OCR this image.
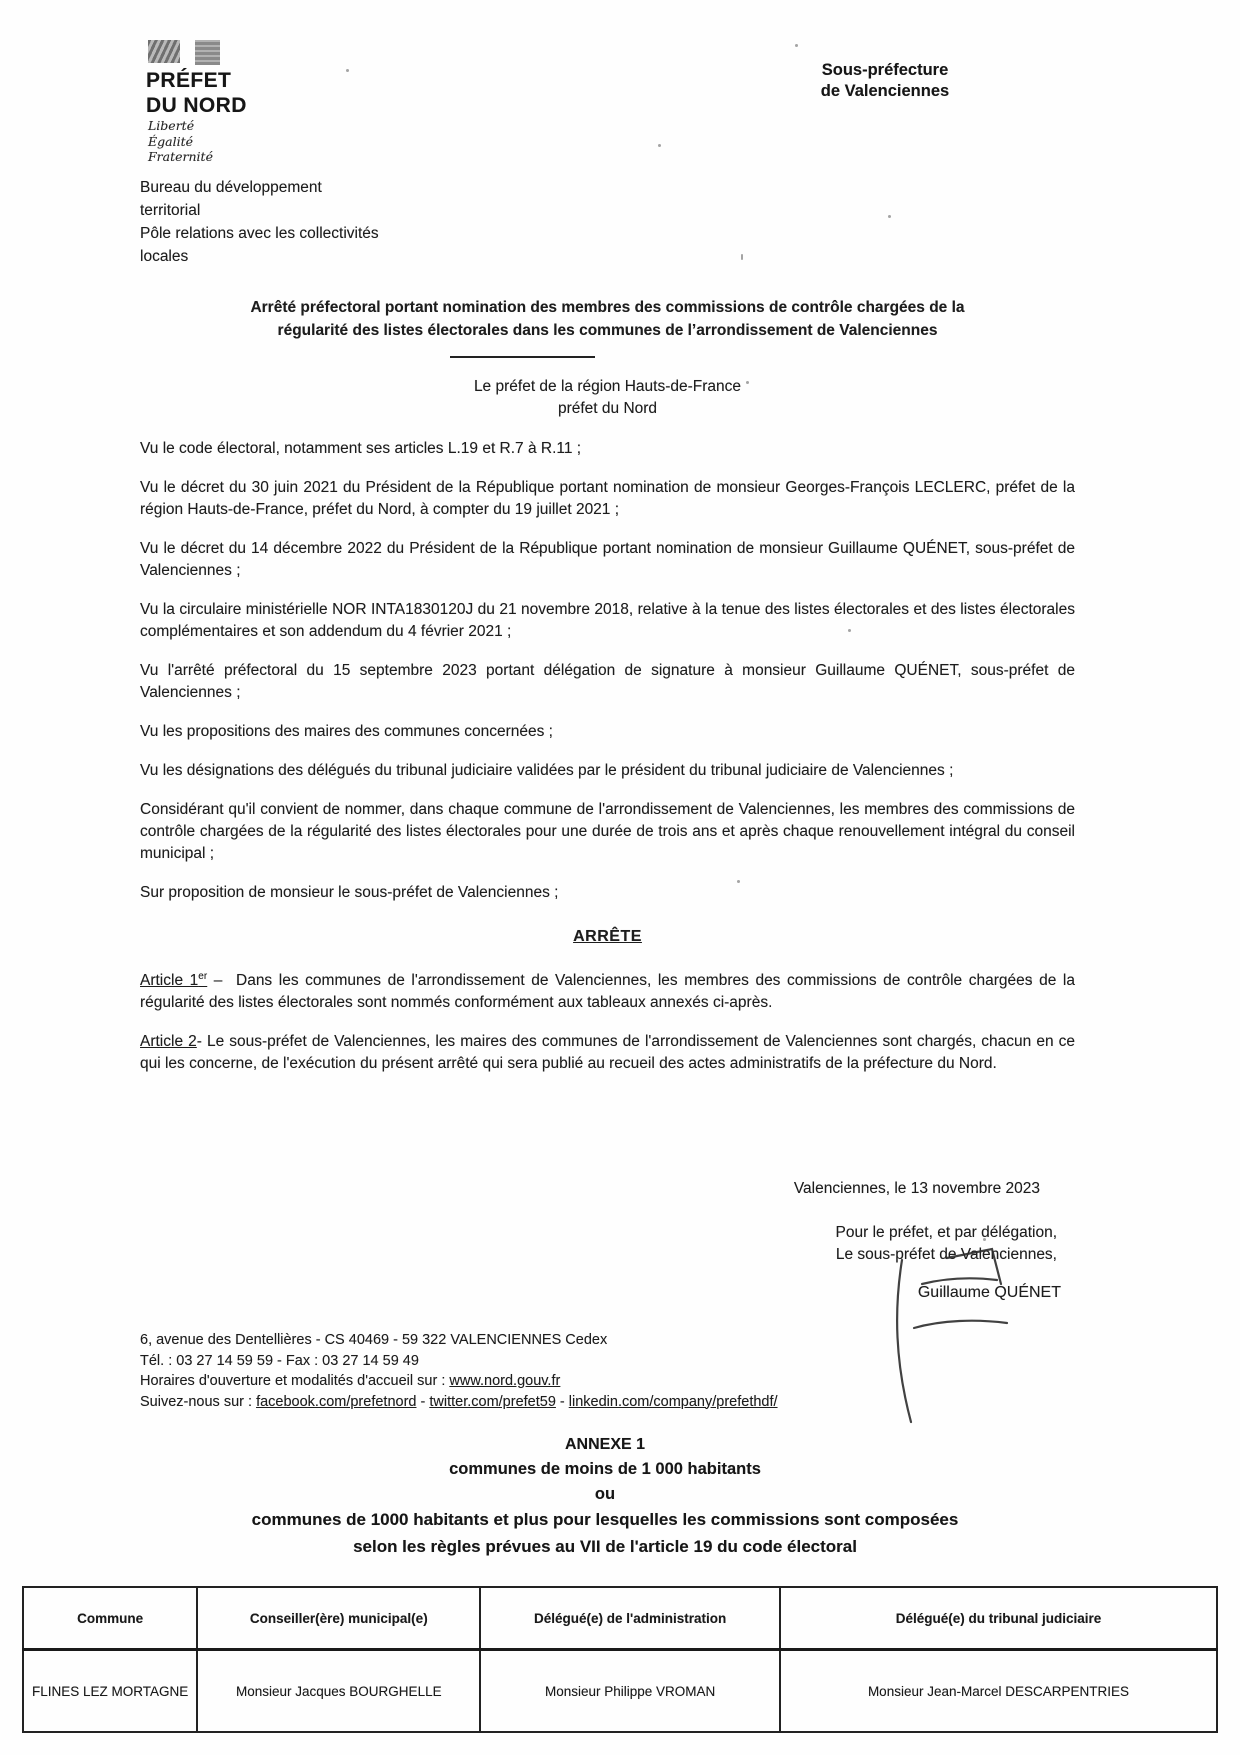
PRÉFET
DU NORD
Liberté
Égalité
Fraternité
Sous-préfecture
de Valenciennes
Bureau du développement
territorial
Pôle relations avec les collectivités
locales
Arrêté préfectoral portant nomination des membres des commissions de contrôle chargées de la
régularité des listes électorales dans les communes de l’arrondissement de Valenciennes
Le préfet de la région Hauts-de-France
préfet du Nord

Vu le code électoral, notamment ses articles L.19 et R.7 à R.11 ;

Vu le décret du 30 juin 2021 du Président de la République portant nomination de monsieur Georges-François LECLERC, préfet de la région Hauts-de-France, préfet du Nord, à compter du 19 juillet 2021 ;

Vu le décret du 14 décembre 2022 du Président de la République portant nomination de monsieur Guillaume QUÉNET, sous-préfet de Valenciennes ;

Vu la circulaire ministérielle NOR INTA1830120J du 21 novembre 2018, relative à la tenue des listes électorales et des listes électorales complémentaires et son addendum du 4 février 2021 ;

Vu l'arrêté préfectoral du 15 septembre 2023 portant délégation de signature à monsieur Guillaume QUÉNET, sous-préfet de Valenciennes ;

Vu les propositions des maires des communes concernées ;

Vu les désignations des délégués du tribunal judiciaire validées par le président du tribunal judiciaire de Valenciennes ;

Considérant qu'il convient de nommer, dans chaque commune de l'arrondissement de Valenciennes, les membres des commissions de contrôle chargées de la régularité des listes électorales pour une durée de trois ans et après chaque renouvellement intégral du conseil municipal ;

Sur proposition de monsieur le sous-préfet de Valenciennes ;

ARRÊTE

Article 1er – Dans les communes de l'arrondissement de Valenciennes, les membres des commissions de contrôle chargées de la régularité des listes électorales sont nommés conformément aux tableaux annexés ci-après.

Article 2- Le sous-préfet de Valenciennes, les maires des communes de l'arrondissement de Valenciennes sont chargés, chacun en ce qui les concerne, de l'exécution du présent arrêté qui sera publié au recueil des actes administratifs de la préfecture du Nord.

Valenciennes, le 13 novembre 2023
Pour le préfet, et par délégation,
Le sous-préfet de Valenciennes,
Guillaume QUÉNET
6, avenue des Dentellières - CS 40469 - 59 322 VALENCIENNES Cedex
Tél. : 03 27 14 59 59 - Fax : 03 27 14 59 49
Horaires d'ouverture et modalités d'accueil sur : www.nord.gouv.fr
Suivez-nous sur : facebook.com/prefetnord - twitter.com/prefet59 - linkedin.com/company/prefethdf/
ANNEXE 1
communes de moins de 1 000 habitants
ou
communes de 1000 habitants et plus pour lesquelles les commissions sont composées
selon les règles prévues au VII de l'article 19 du code électoral
Commune	Conseiller(ère) municipal(e)	Délégué(e) de l'administration	Délégué(e) du tribunal judiciaire
FLINES LEZ MORTAGNE	Monsieur Jacques BOURGHELLE	Monsieur Philippe VROMAN	Monsieur Jean-Marcel DESCARPENTRIES
